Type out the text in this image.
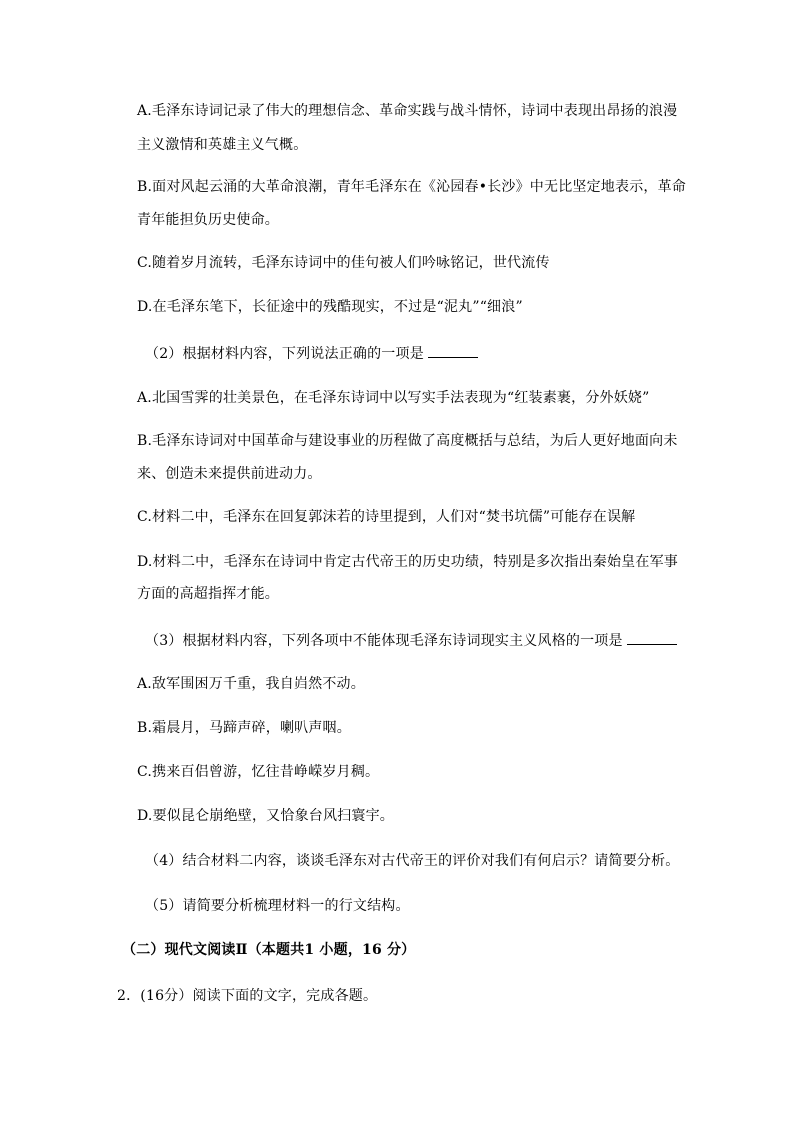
A.毛泽东诗词记录了伟大的理想信念、革命实践与战斗情怀，诗词中表现出昂扬的浪漫
主义激情和英雄主义气概。
B.面对风起云涌的大革命浪潮，青年毛泽东在《沁园春•长沙》中无比坚定地表示，革命
青年能担负历史使命。
C.随着岁月流转，毛泽东诗词中的佳句被人们吟咏铭记，世代流传
D.在毛泽东笔下，长征途中的残酷现实，不过是“泥丸”“细浪”
（2）根据材料内容，下列说法正确的一项是
A.北国雪霁的壮美景色，在毛泽东诗词中以写实手法表现为“红装素裹，分外妖娆”
B.毛泽东诗词对中国革命与建设事业的历程做了高度概括与总结，为后人更好地面向未
来、创造未来提供前进动力。
C.材料二中，毛泽东在回复郭沫若的诗里提到，人们对“焚书坑儒”可能存在误解
D.材料二中，毛泽东在诗词中肯定古代帝王的历史功绩，特别是多次指出秦始皇在军事
方面的高超指挥才能。
（3）根据材料内容，下列各项中不能体现毛泽东诗词现实主义风格的一项是
A.敌军围困万千重，我自岿然不动。
B.霜晨月，马蹄声碎，喇叭声咽。
C.携来百侣曾游，忆往昔峥嵘岁月稠。
D.要似昆仑崩绝壁，又恰象台风扫寰宇。
（4）结合材料二内容，谈谈毛泽东对古代帝王的评价对我们有何启示？请简要分析。
（5）请简要分析梳理材料一的行文结构。
（二）现代文阅读Ⅱ（本题共1 小题，16 分）
2．(16分）阅读下面的文字，完成各题。
